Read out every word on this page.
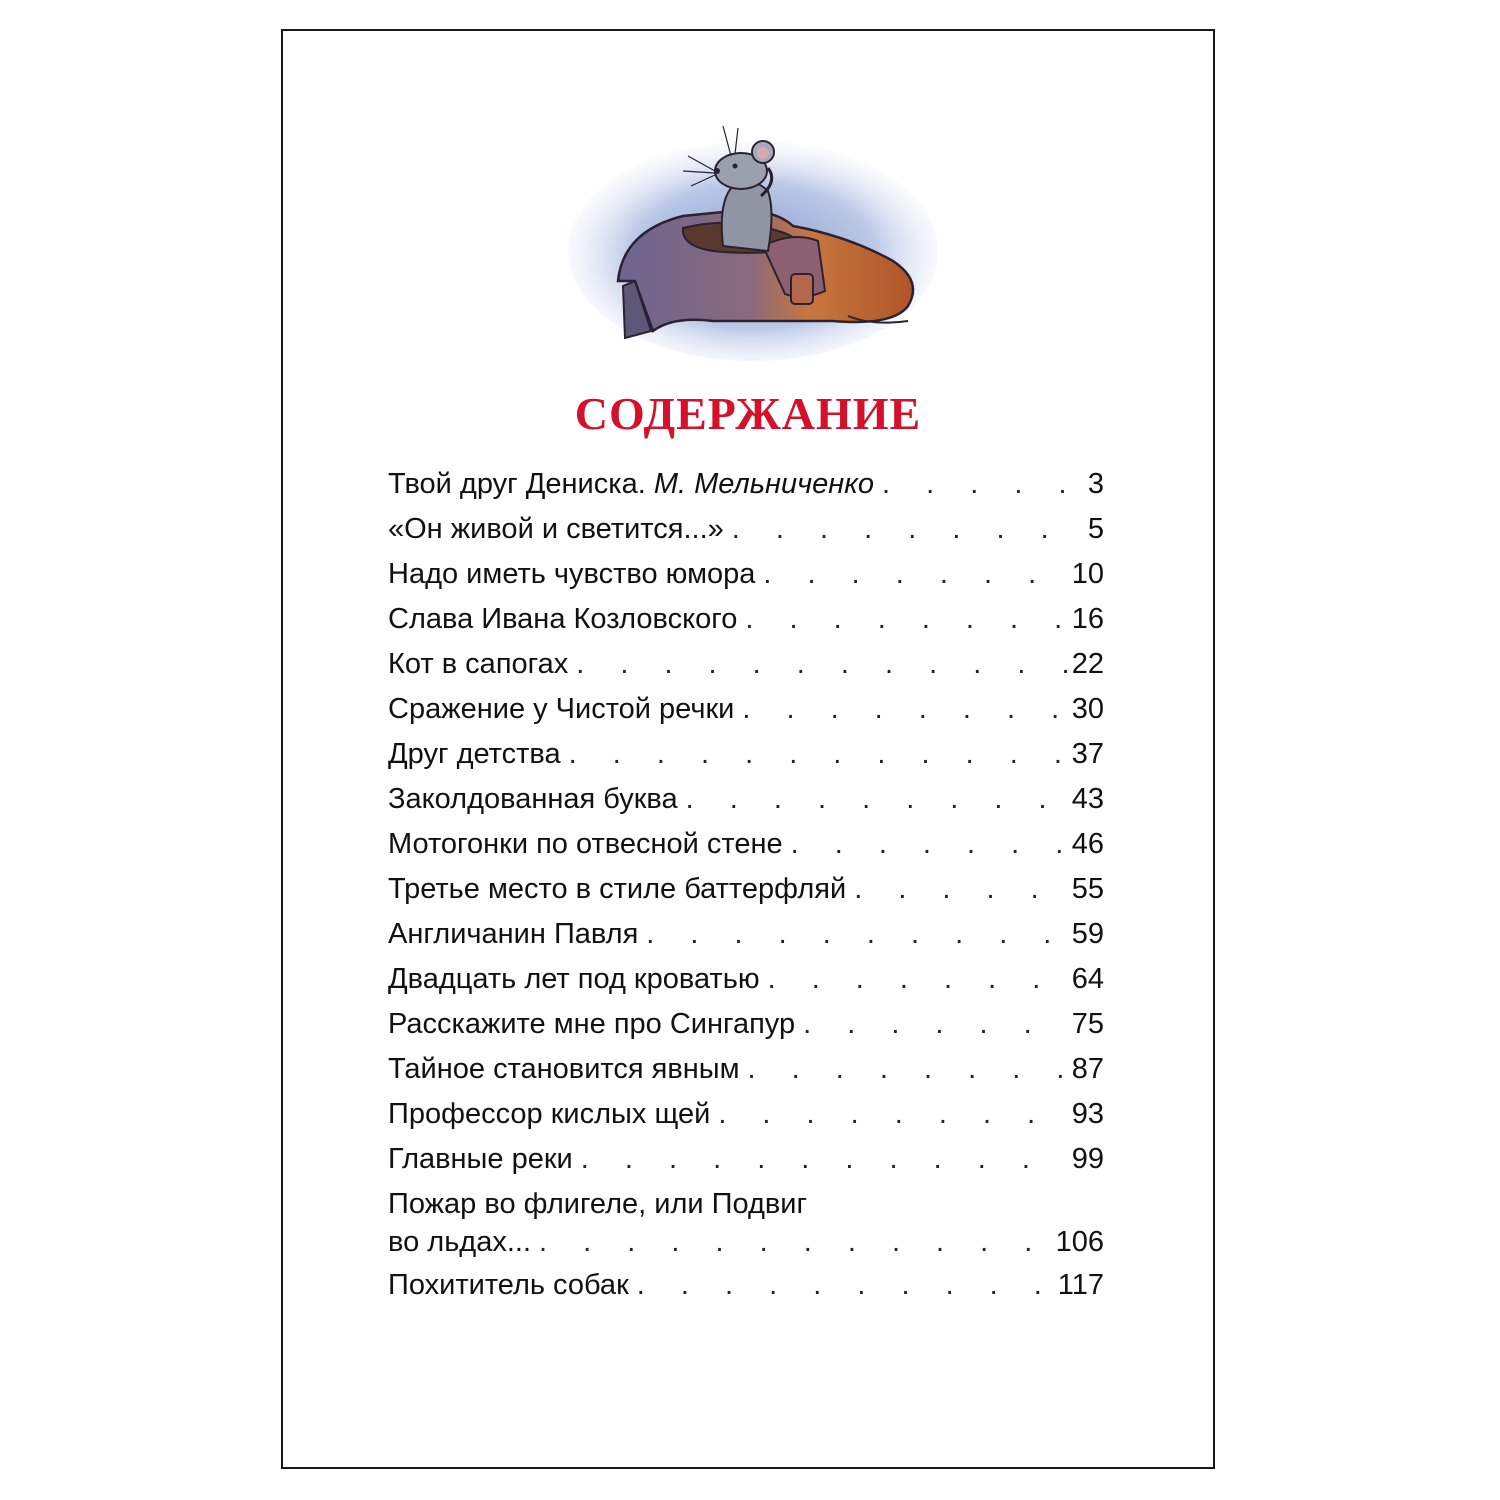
СОДЕРЖАНИЕ
Твой друг Дениска. М. Мельниченко . . .	3
«Он живой и светится...» . . .	5
Надо иметь чувство юмора . . .	10
Слава Ивана Козловского . . .	16
Кот в сапогах . . .	22
Сражение у Чистой речки . . .	30
Друг детства . . .	37
Заколдованная буква . . .	43
Мотогонки по отвесной стене . . .	46
Третье место в стиле баттерфляй . . .	55
Англичанин Павля . . .	59
Двадцать лет под кроватью . . .	64
Расскажите мне про Сингапур . . .	75
Тайное становится явным . . .	87
Профессор кислых щей . . .	93
Главные реки . . .	99
Пожар во флигеле, или Подвиг
во льдах... . . .	106
Похититель собак . . .	117
